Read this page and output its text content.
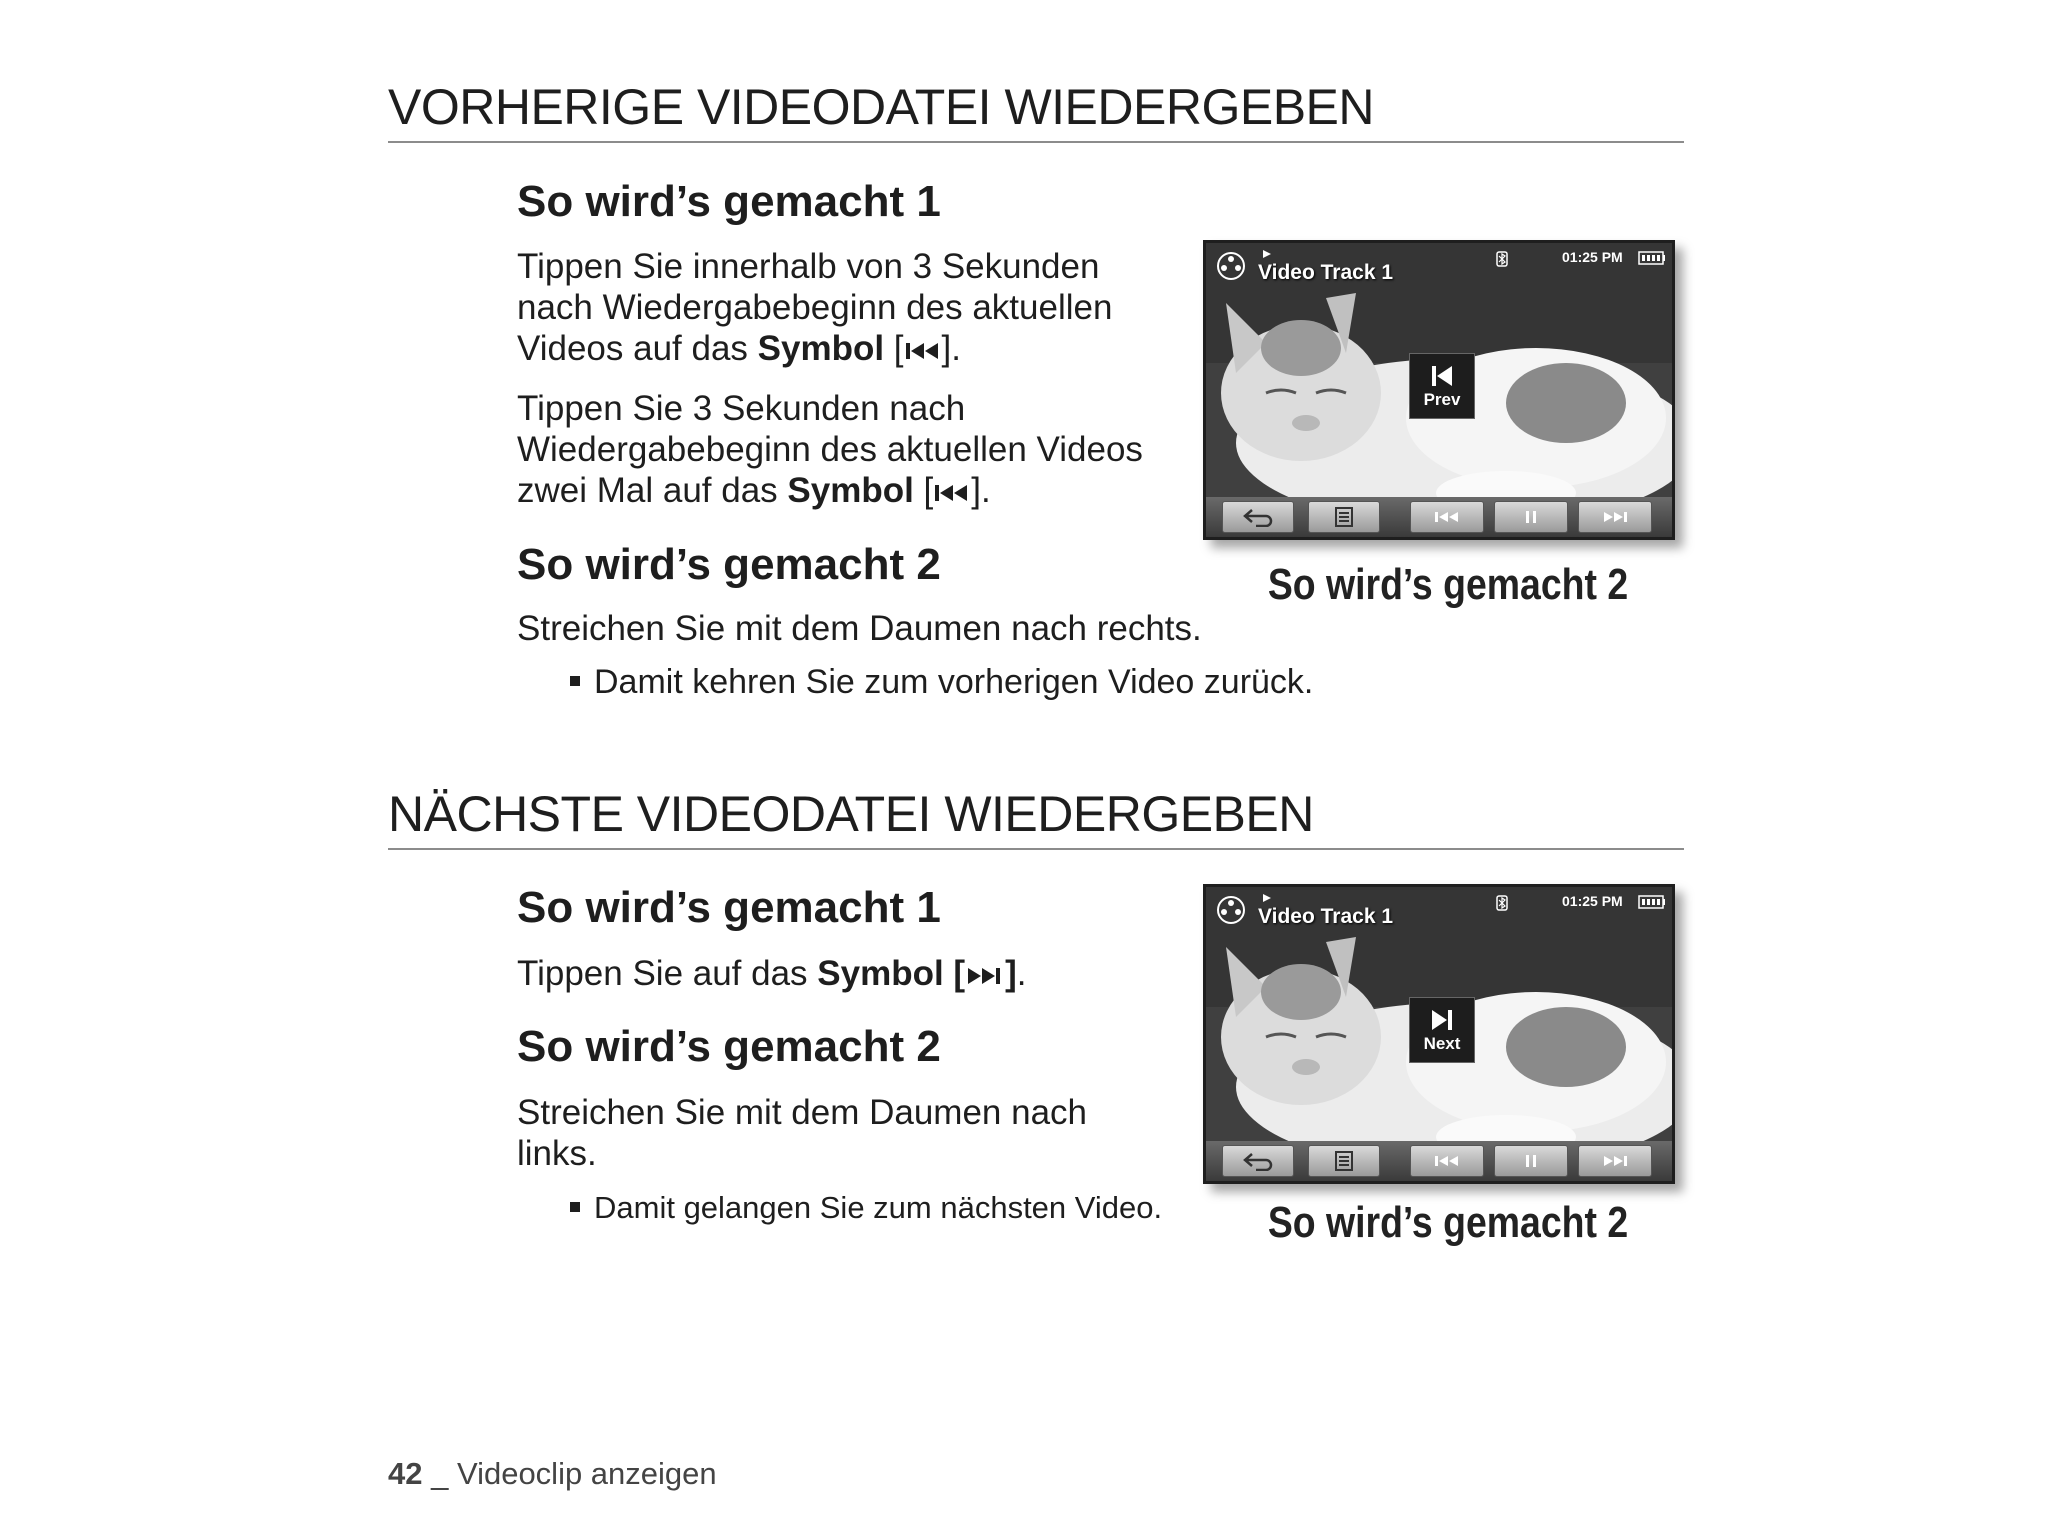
VORHERIGE VIDEODATEI WIEDERGEBEN
So wird’s gemacht 1

Tippen Sie innerhalb von 3 Sekunden nach Wiedergabebeginn des aktuellen Videos auf das Symbol [ ].

Tippen Sie 3 Sekunden nach Wiedergabebeginn des aktuellen Videos zwei Mal auf das Symbol [ ].

So wird’s gemacht 2

Streichen Sie mit dem Daumen nach rechts.

Damit kehren Sie zum vorherigen Video zurück.

Video Track 1
01:25 PM
Prev

So wird’s gemacht 2

NÄCHSTE VIDEODATEI WIEDERGEBEN
So wird’s gemacht 1

Tippen Sie auf das Symbol [ ].

So wird’s gemacht 2

Streichen Sie mit dem Daumen nach links.

Damit gelangen Sie zum nächsten Video.

Video Track 1
01:25 PM
Next

So wird’s gemacht 2

42 _ Videoclip anzeigen
